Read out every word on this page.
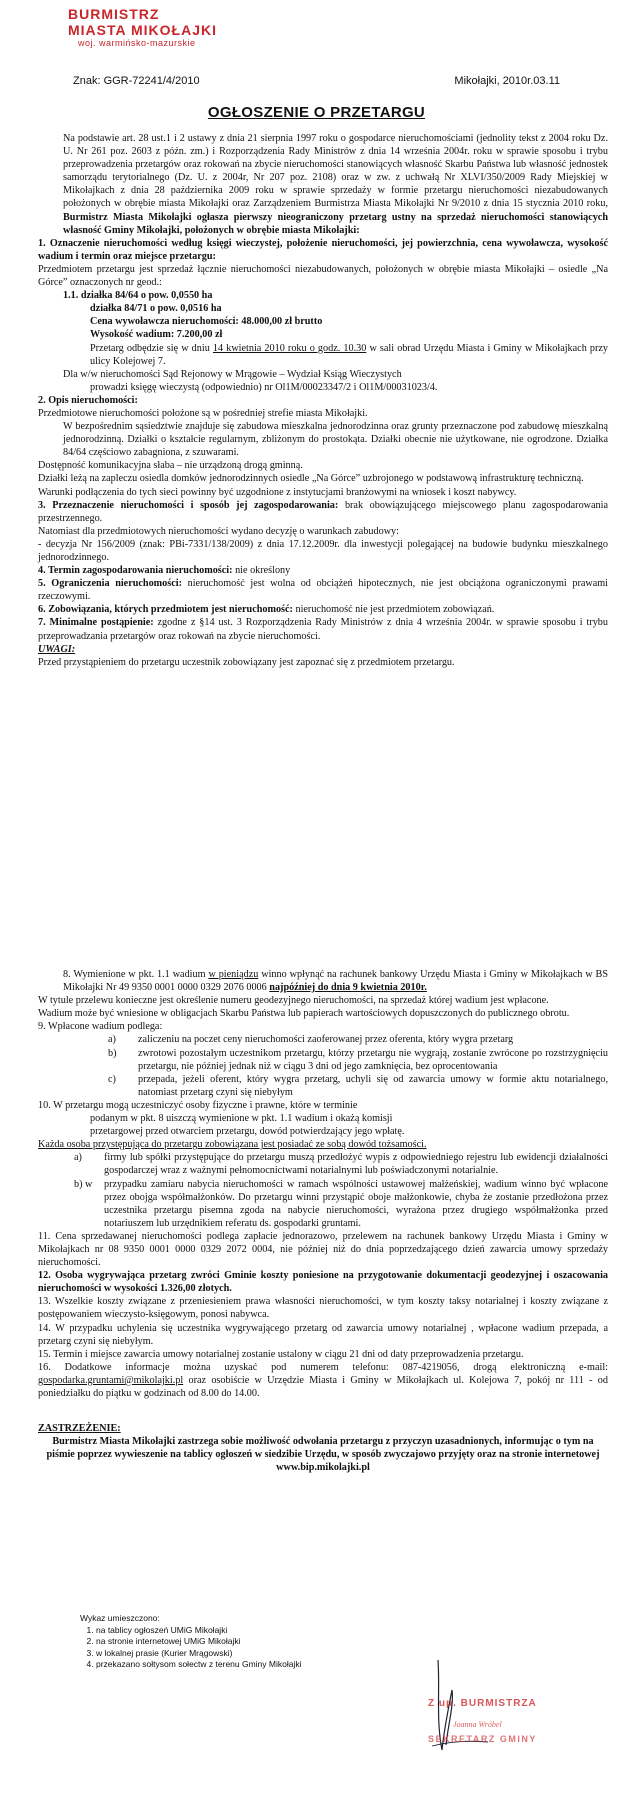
BURMISTRZ MIASTA MIKOŁAJKI
woj. warmińsko-mazurskie
Znak: GGR-72241/4/2010	Mikołajki, 2010r.03.11
OGŁOSZENIE O PRZETARGU

Na podstawie art. 28 ust.1 i 2 ustawy z dnia 21 sierpnia 1997 roku o gospodarce nieruchomościami (jednolity tekst z 2004 roku Dz. U. Nr 261 poz. 2603 z późn. zm.) i Rozporządzenia Rady Ministrów z dnia 14 września 2004r. roku w sprawie sposobu i trybu przeprowadzenia przetargów oraz rokowań na zbycie nieruchomości stanowiących własność Skarbu Państwa lub własność jednostek samorządu terytorialnego (Dz. U. z 2004r, Nr 207 poz. 2108) oraz w zw. z uchwałą Nr XLVI/350/2009 Rady Miejskiej w Mikołajkach z dnia 28 października 2009 roku w sprawie sprzedaży w formie przetargu nieruchomości niezabudowanych położonych w obrębie miasta Mikołajki oraz Zarządzeniem Burmistrza Miasta Mikołajki Nr 9/2010 z dnia 15 stycznia 2010 roku, Burmistrz Miasta Mikołajki ogłasza pierwszy nieograniczony przetarg ustny na sprzedaż nieruchomości stanowiących własność Gminy Mikołajki, położonych w obrębie miasta Mikołajki:

1. Oznaczenie nieruchomości według księgi wieczystej, położenie nieruchomości, jej powierzchnia, cena wywoławcza, wysokość wadium i termin oraz miejsce przetargu:

Przedmiotem przetargu jest sprzedaż łącznie nieruchomości niezabudowanych, położonych w obrębie miasta Mikołajki – osiedle „Na Górce” oznaczonych nr geod.:

1.1. działka 84/64 o pow. 0,0550 ha

działka 84/71 o pow. 0,0516 ha

Cena wywoławcza nieruchomości: 48.000,00 zł brutto

Wysokość wadium: 7.200,00 zł

Przetarg odbędzie się w dniu 14 kwietnia 2010 roku o godz. 10.30 w sali obrad Urzędu Miasta i Gminy w Mikołajkach przy ulicy Kolejowej 7.

Dla w/w nieruchomości Sąd Rejonowy w Mrągowie – Wydział Ksiąg Wieczystych

prowadzi księgę wieczystą (odpowiednio) nr Ol1M/00023347/2 i Ol1M/00031023/4.

2. Opis nieruchomości:

Przedmiotowe nieruchomości położone są w pośredniej strefie miasta Mikołajki.

W bezpośrednim sąsiedztwie znajduje się zabudowa mieszkalna jednorodzinna oraz grunty przeznaczone pod zabudowę mieszkalną jednorodzinną. Działki o kształcie regularnym, zbliżonym do prostokąta. Działki obecnie nie użytkowane, nie ogrodzone. Działka 84/64 częściowo zabagniona, z szuwarami.

Dostępność komunikacyjna słaba – nie urządzoną drogą gminną.

Działki leżą na zapleczu osiedla domków jednorodzinnych osiedle „Na Górce” uzbrojonego w podstawową infrastrukturę techniczną.

Warunki podłączenia do tych sieci powinny być uzgodnione z instytucjami branżowymi na wniosek i koszt nabywcy.

3. Przeznaczenie nieruchomości i sposób jej zagospodarowania: brak obowiązującego miejscowego planu zagospodarowania przestrzennego.

Natomiast dla przedmiotowych nieruchomości wydano decyzję o warunkach zabudowy:

- decyzja Nr 156/2009 (znak: PBi-7331/138/2009) z dnia 17.12.2009r. dla inwestycji polegającej na budowie budynku mieszkalnego jednorodzinnego.

4. Termin zagospodarowania nieruchomości: nie określony

5. Ograniczenia nieruchomości: nieruchomość jest wolna od obciążeń hipotecznych, nie jest obciążona ograniczonymi prawami rzeczowymi.

6. Zobowiązania, których przedmiotem jest nieruchomość: nieruchomość nie jest przedmiotem zobowiązań.

7. Minimalne postąpienie: zgodne z §14 ust. 3 Rozporządzenia Rady Ministrów z dnia 4 września 2004r. w sprawie sposobu i trybu przeprowadzania przetargów oraz rokowań na zbycie nieruchomości.

UWAGI:

Przed przystąpieniem do przetargu uczestnik zobowiązany jest zapoznać się z przedmiotem przetargu.

8. Wymienione w pkt. 1.1 wadium w pieniądzu winno wpłynąć na rachunek bankowy Urzędu Miasta i Gminy w Mikołajkach w BS Mikołajki Nr 49 9350 0001 0000 0329 2076 0006 najpóźniej do dnia 9 kwietnia 2010r.

W tytule przelewu konieczne jest określenie numeru geodezyjnego nieruchomości, na sprzedaż której wadium jest wpłacone.

Wadium może być wniesione w obligacjach Skarbu Państwa lub papierach wartościowych dopuszczonych do publicznego obrotu.

9. Wpłacone wadium podlega:

a)	zaliczeniu na poczet ceny nieruchomości zaoferowanej przez oferenta, który wygra przetarg
b)	zwrotowi pozostałym uczestnikom przetargu, którzy przetargu nie wygrają, zostanie zwrócone po rozstrzygnięciu przetargu, nie później jednak niż w ciągu 3 dni od jego zamknięcia, bez oprocentowania
c)	przepada, jeżeli oferent, który wygra przetarg, uchyli się od zawarcia umowy w formie aktu notarialnego, natomiast przetarg czyni się niebyłym

10. W przetargu mogą uczestniczyć osoby fizyczne i prawne, które w terminie

podanym w pkt. 8 uiszczą wymienione w pkt. 1.1 wadium i okażą komisji

przetargowej przed otwarciem przetargu, dowód potwierdzający jego wpłatę.

Każda osoba przystępująca do przetargu zobowiązana jest posiadać ze sobą dowód tożsamości.

a)	firmy lub spółki przystępujące do przetargu muszą przedłożyć wypis z odpowiedniego rejestru lub ewidencji działalności gospodarczej wraz z ważnymi pełnomocnictwami notarialnymi lub poświadczonymi notarialnie.
b) w	przypadku zamiaru nabycia nieruchomości w ramach wspólności ustawowej małżeńskiej, wadium winno być wpłacone przez obojga współmałżonków. Do przetargu winni przystąpić oboje małżonkowie, chyba że zostanie przedłożona przez uczestnika przetargu pisemna zgoda na nabycie nieruchomości, wyrażona przez drugiego współmałżonka przed notariuszem lub urzędnikiem referatu ds. gospodarki gruntami.

11. Cena sprzedawanej nieruchomości podlega zapłacie jednorazowo, przelewem na rachunek bankowy Urzędu Miasta i Gminy w Mikołajkach nr 08 9350 0001 0000 0329 2072 0004, nie później niż do dnia poprzedzającego dzień zawarcia umowy sprzedaży nieruchomości.

12. Osoba wygrywająca przetarg zwróci Gminie koszty poniesione na przygotowanie dokumentacji geodezyjnej i oszacowania nieruchomości w wysokości 1.326,00 złotych.

13. Wszelkie koszty związane z przeniesieniem prawa własności nieruchomości, w tym koszty taksy notarialnej i koszty związane z postępowaniem wieczysto-księgowym, ponosi nabywca.

14. W przypadku uchylenia się uczestnika wygrywającego przetarg od zawarcia umowy notarialnej , wpłacone wadium przepada, a przetarg czyni się niebyłym.

15. Termin i miejsce zawarcia umowy notarialnej zostanie ustalony w ciągu 21 dni od daty przeprowadzenia przetargu.

16. Dodatkowe informacje można uzyskać pod numerem telefonu: 087-4219056, drogą elektroniczną e-mail: gospodarka.gruntami@mikolajki.pl oraz osobiście w Urzędzie Miasta i Gminy w Mikołajkach ul. Kolejowa 7, pokój nr 111 - od poniedziałku do piątku w godzinach od 8.00 do 14.00.

ZASTRZEŻENIE:

Burmistrz Miasta Mikołajki zastrzega sobie możliwość odwołania przetargu z przyczyn uzasadnionych, informując o tym na piśmie poprzez wywieszenie na tablicy ogłoszeń w siedzibie Urzędu, w sposób zwyczajowo przyjęty oraz na stronie internetowej www.bip.mikolajki.pl

Wykaz umieszczono:
1. na tablicy ogłoszeń UMiG Mikołajki
2. na stronie internetowej UMiG Mikołajki
3. w lokalnej prasie (Kurier Mrągowski)
4. przekazano sołtysom sołectw z terenu Gminy Mikołajki
Z up. BURMISTRZA
Joanna Wróbel
SEKRETARZ GMINY
